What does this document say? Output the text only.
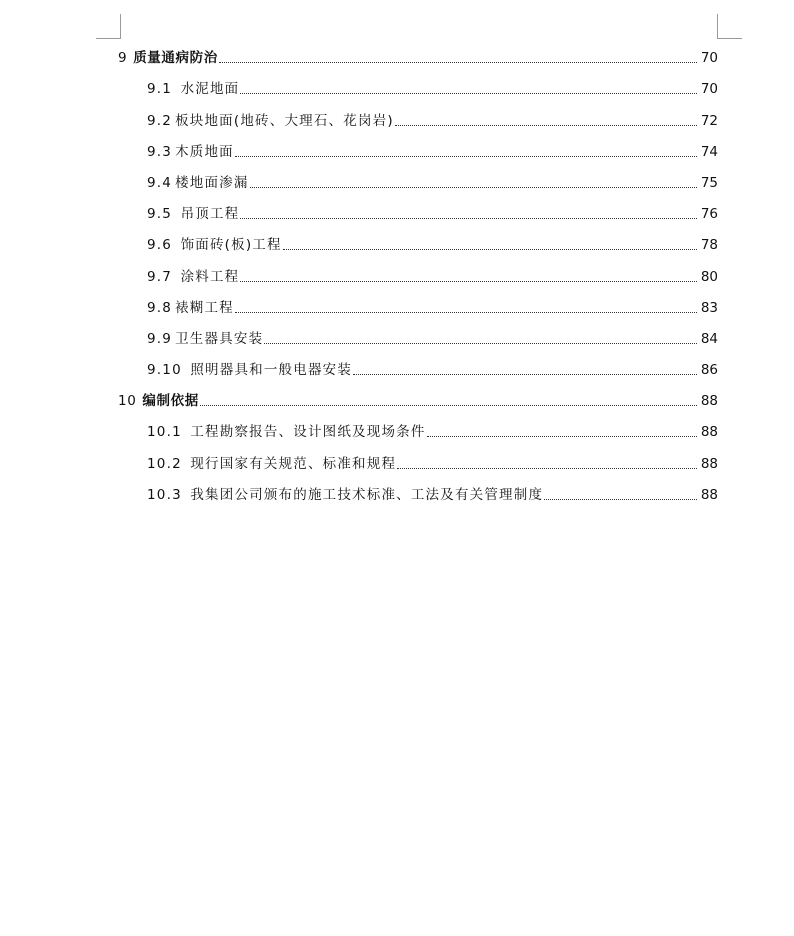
9 质量通病防治	70
9.1 水泥地面	70
9.2 板块地面(地砖、大理石、花岗岩)	72
9.3 木质地面	74
9.4 楼地面渗漏	75
9.5 吊顶工程	76
9.6 饰面砖(板)工程	78
9.7 涂料工程	80
9.8 裱糊工程	83
9.9 卫生器具安装	84
9.10 照明器具和一般电器安装	86
10 编制依据	88
10.1 工程勘察报告、设计图纸及现场条件	88
10.2 现行国家有关规范、标准和规程	88
10.3 我集团公司颁布的施工技术标准、工法及有关管理制度	88
